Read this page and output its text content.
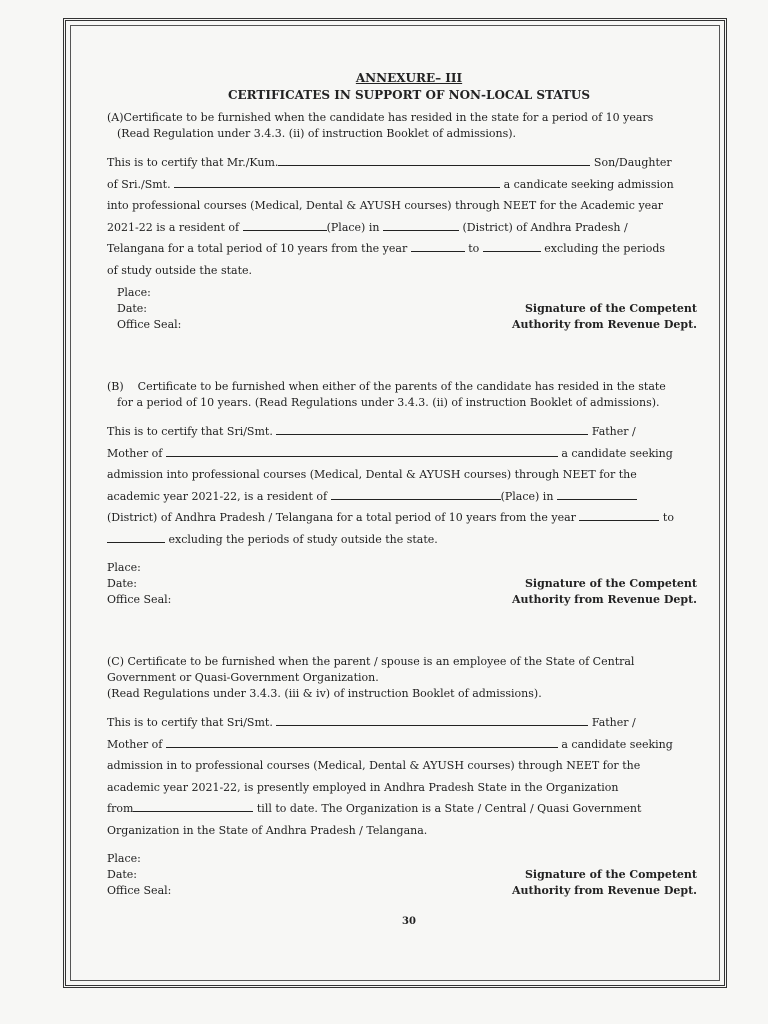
ANNEXURE– III
CERTIFICATES IN SUPPORT OF NON-LOCAL STATUS
(A)Certificate to be furnished when the candidate has resided in the state for a period of 10 years
(Read Regulation under 3.4.3. (ii) of instruction Booklet of admissions).
This is to certify that Mr./Kum.	Son/Daughter
of Sri./Smt.	a candicate seeking admission
into professional courses (Medical, Dental & AYUSH courses) through NEET for the Academic year
2021-22 is a resident of	(Place) in	(District) of Andhra Pradesh /
Telangana for a total period of 10 years from the year	to	excluding the periods
of study outside the state.
Place:
Date:	Signature of the Competent
Office Seal:	Authority from Revenue Dept.
(B)    Certificate to be furnished when either of the parents of the candidate has resided in the state
for a period of 10 years. (Read Regulations under 3.4.3. (ii) of instruction Booklet of admissions).
This is to certify that Sri/Smt.	Father /
Mother of	a candidate seeking
admission into professional courses (Medical, Dental & AYUSH courses) through NEET for the
academic year 2021-22, is a resident of	(Place) in
(District) of Andhra Pradesh / Telangana for a total period of 10 years from the year	to
excluding the periods of study outside the state.
Place:
Date:	Signature of the Competent
Office Seal:	Authority from Revenue Dept.
(C) Certificate to be furnished when the parent / spouse is an employee of the State of Central
Government or Quasi-Government Organization.
(Read Regulations under 3.4.3. (iii & iv) of instruction Booklet of admissions).
This is to certify that Sri/Smt.	Father /
Mother of	a candidate seeking
admission in to professional courses (Medical, Dental & AYUSH courses) through NEET for the
academic year 2021-22, is presently employed in Andhra Pradesh State in the Organization
from	till to date. The Organization is a State / Central / Quasi Government
Organization in the State of Andhra Pradesh / Telangana.
Place:
Date:	Signature of the Competent
Office Seal:	Authority from Revenue Dept.
30
